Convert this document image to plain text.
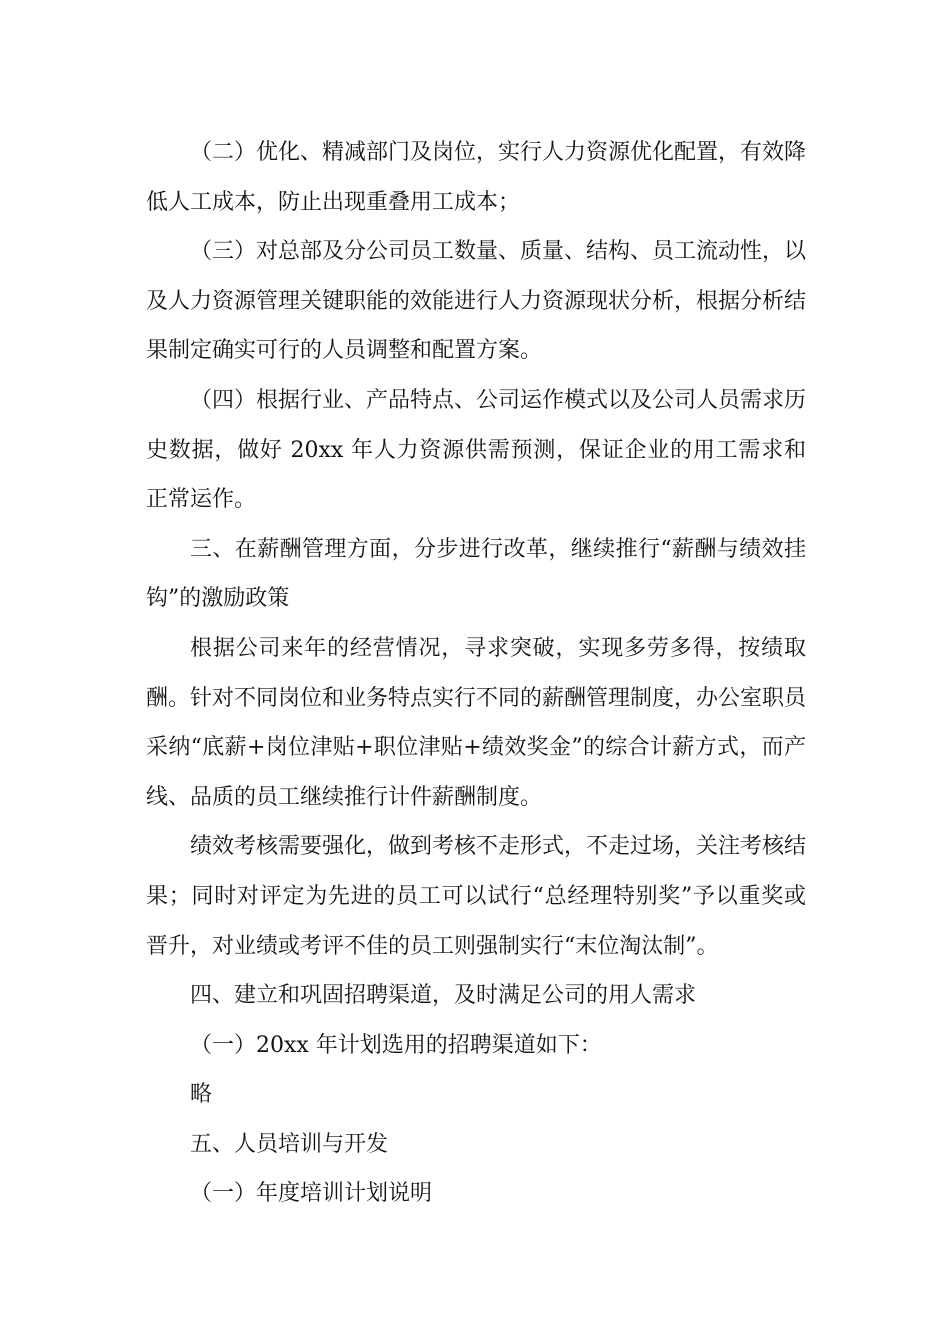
（二）优化、精减部门及岗位，实行人力资源优化配置，有效降低人工成本，防止出现重叠用工成本；

（三）对总部及分公司员工数量、质量、结构、员工流动性，以及人力资源管理关键职能的效能进行人力资源现状分析，根据分析结果制定确实可行的人员调整和配置方案。

（四）根据行业、产品特点、公司运作模式以及公司人员需求历史数据，做好 20xx 年人力资源供需预测，保证企业的用工需求和正常运作。

三、在薪酬管理方面，分步进行改革，继续推行“薪酬与绩效挂钩”的激励政策

根据公司来年的经营情况，寻求突破，实现多劳多得，按绩取酬。针对不同岗位和业务特点实行不同的薪酬管理制度，办公室职员采纳“底薪+岗位津贴+职位津贴+绩效奖金”的综合计薪方式，而产线、品质的员工继续推行计件薪酬制度。

绩效考核需要强化，做到考核不走形式，不走过场，关注考核结果；同时对评定为先进的员工可以试行“总经理特别奖”予以重奖或晋升，对业绩或考评不佳的员工则强制实行“末位淘汰制”。

四、建立和巩固招聘渠道，及时满足公司的用人需求

（一）20xx 年计划选用的招聘渠道如下：

略

五、人员培训与开发

（一）年度培训计划说明
